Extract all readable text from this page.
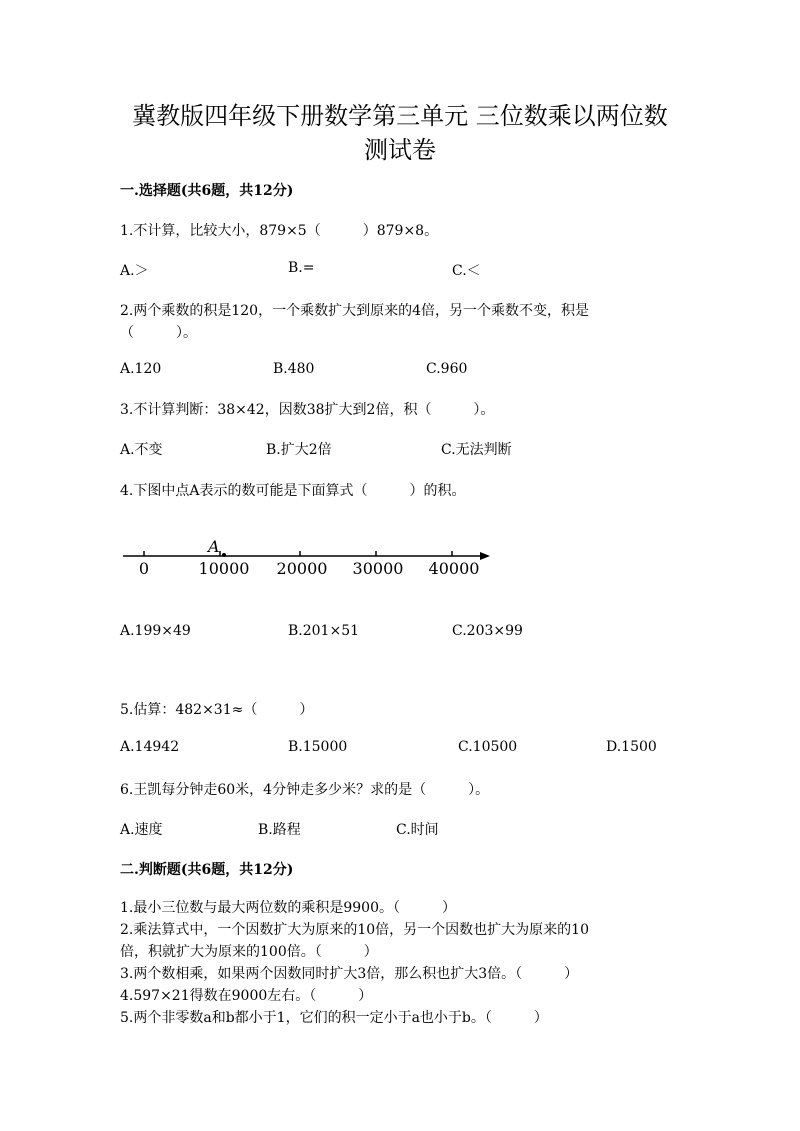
冀教版四年级下册数学第三单元 三位数乘以两位数
测试卷
一.选择题(共6题，共12分)
1.不计算，比较大小，879×5（　　　）879×8。
A.＞	B.=	C.＜
2.两个乘数的积是120，一个乘数扩大到原来的4倍，另一个乘数不变，积是
（　　　）。
A.120	B.480	C.960
3.不计算判断：38×42，因数38扩大到2倍，积（　　　）。
A.不变	B.扩大2倍	C.无法判断
4.下图中点A表示的数可能是下面算式（　　　）的积。
A
0	10000 20000 30000 40000
A.199×49	B.201×51	C.203×99
5.估算：482×31≈（　　　）
A.14942	B.15000	C.10500	D.1500
6.王凯每分钟走60米，4分钟走多少米？求的是（　　　）。
A.速度	B.路程	C.时间
二.判断题(共6题，共12分)
1.最小三位数与最大两位数的乘积是9900。（　　　）
2.乘法算式中，一个因数扩大为原来的10倍，另一个因数也扩大为原来的10
倍，积就扩大为原来的100倍。（　　　）
3.两个数相乘，如果两个因数同时扩大3倍，那么积也扩大3倍。（　　　）
4.597×21得数在9000左右。（　　　）
5.两个非零数a和b都小于1，它们的积一定小于a也小于b。（　　　）
